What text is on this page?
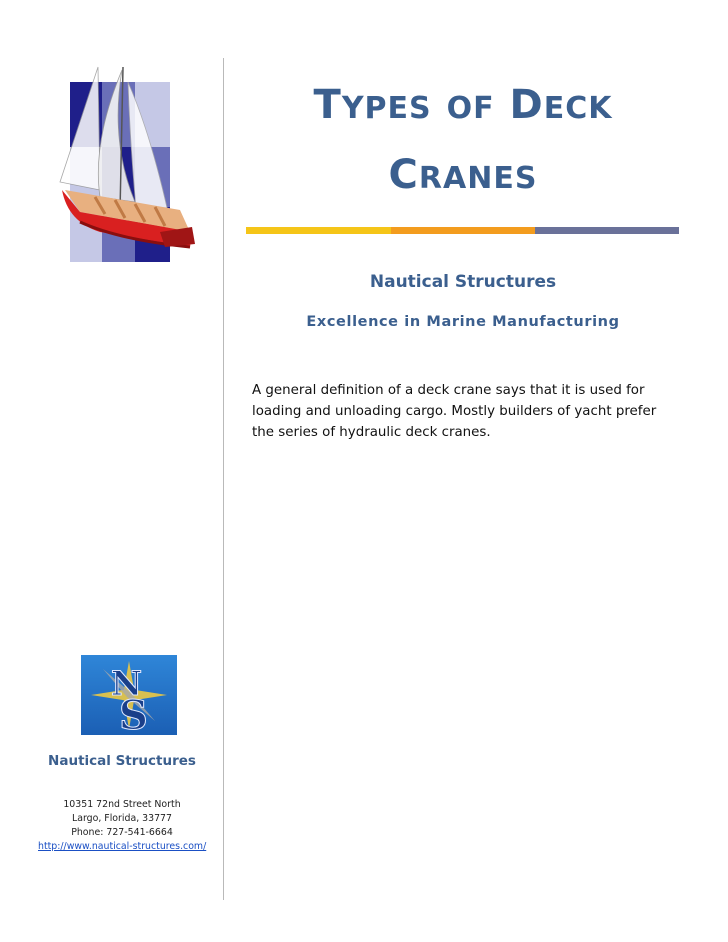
TYPES OF DECK
CRANES
Nautical Structures
Excellence in Marine Manufacturing

A general definition of a deck crane says that it is used for loading and unloading cargo. Mostly builders of yacht prefer the series of hydraulic deck cranes.

N
S
Nautical Structures
10351 72nd Street North
Largo, Florida, 33777
Phone: 727-541-6664
http://www.nautical-structures.com/
